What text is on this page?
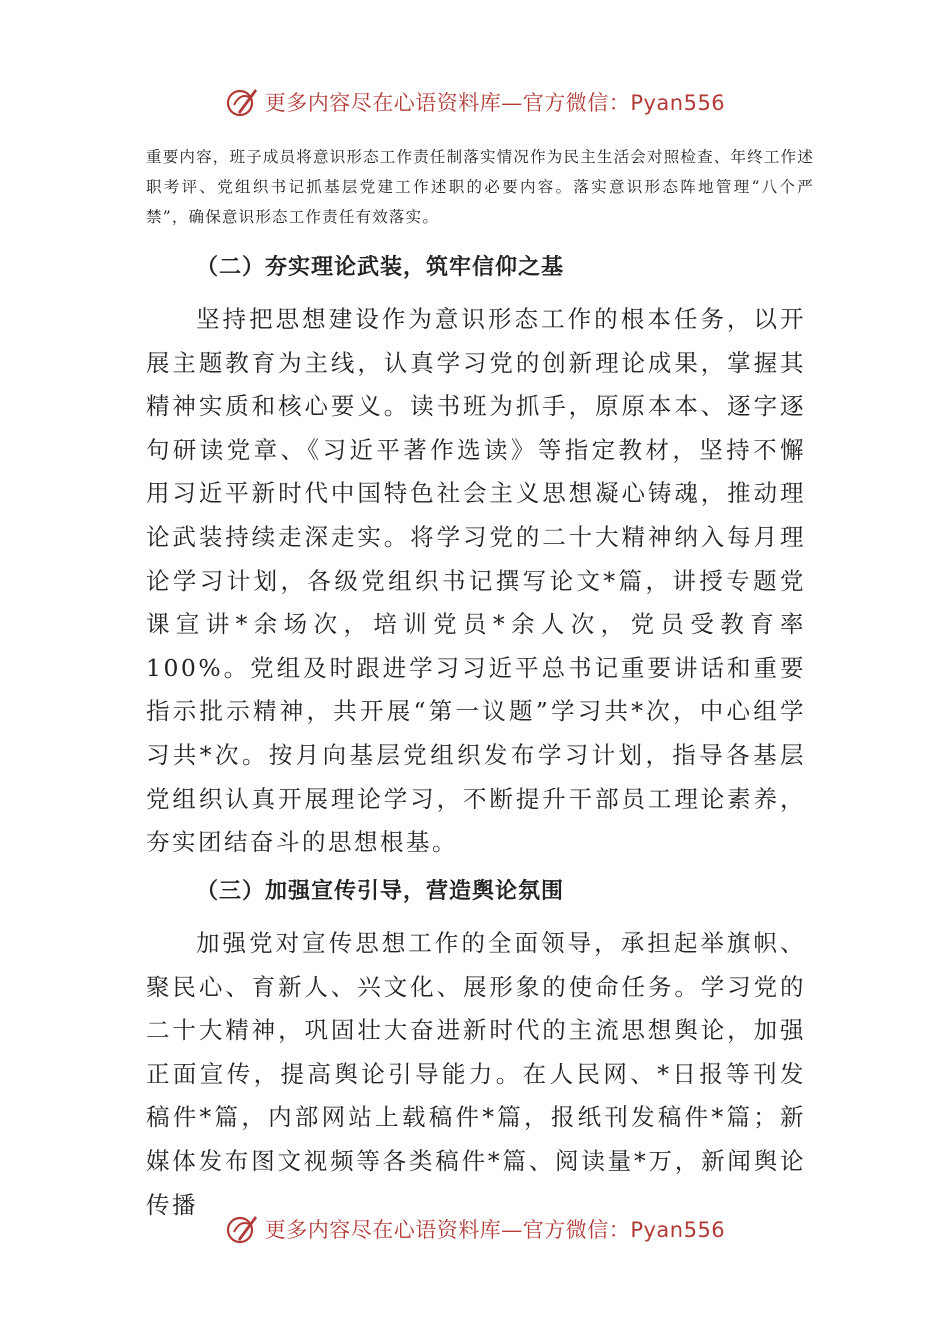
更多内容尽在心语资料库—官方微信：Pyan556

重要内容，班子成员将意识形态工作责任制落实情况作为民主生活会对照检查、年终工作述职考评、党组织书记抓基层党建工作述职的必要内容。落实意识形态阵地管理“八个严禁”，确保意识形态工作责任有效落实。

（二）夯实理论武装，筑牢信仰之基

坚持把思想建设作为意识形态工作的根本任务，以开展主题教育为主线，认真学习党的创新理论成果，掌握其精神实质和核心要义。读书班为抓手，原原本本、逐字逐句研读党章、《习近平著作选读》等指定教材，坚持不懈用习近平新时代中国特色社会主义思想凝心铸魂，推动理论武装持续走深走实。将学习党的二十大精神纳入每月理论学习计划，各级党组织书记撰写论文*篇，讲授专题党课宣讲*余场次，培训党员*余人次，党员受教育率100%。党组及时跟进学习习近平总书记重要讲话和重要指示批示精神，共开展“第一议题”学习共*次，中心组学习共*次。按月向基层党组织发布学习计划，指导各基层党组织认真开展理论学习，不断提升干部员工理论素养，夯实团结奋斗的思想根基。

（三）加强宣传引导，营造舆论氛围

加强党对宣传思想工作的全面领导，承担起举旗帜、聚民心、育新人、兴文化、展形象的使命任务。学习党的二十大精神，巩固壮大奋进新时代的主流思想舆论，加强正面宣传，提高舆论引导能力。在人民网、*日报等刊发稿件*篇，内部网站上载稿件*篇，报纸刊发稿件*篇；新媒体发布图文视频等各类稿件*篇、阅读量*万，新闻舆论传播

更多内容尽在心语资料库—官方微信：Pyan556
